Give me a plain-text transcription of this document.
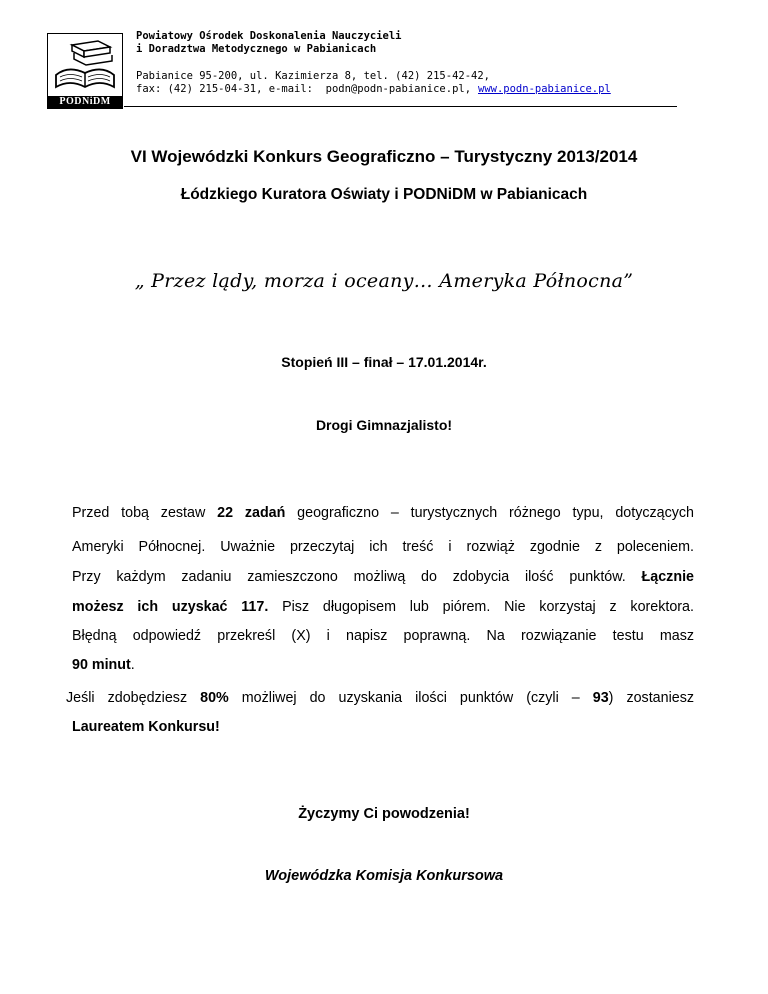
PODNiDM
Powiatowy Ośrodek Doskonalenia Nauczycieli
i Doradztwa Metodycznego w Pabianicach
Pabianice 95-200, ul. Kazimierza 8, tel. (42) 215-42-42,
fax: (42) 215-04-31, e-mail:  podn@podn-pabianice.pl, www.podn-pabianice.pl
VI Wojewódzki Konkurs Geograficzno – Turystyczny 2013/2014
Łódzkiego Kuratora Oświaty i PODNiDM w Pabianicach
„ Przez lądy, morza i oceany… Ameryka Północna”
Stopień III – finał – 17.01.2014r.
Drogi Gimnazjalisto!
Przed tobą zestaw 22 zadań geograficzno – turystycznych różnego typu, dotyczących
Ameryki Północnej. Uważnie przeczytaj ich treść i rozwiąż zgodnie z poleceniem.
Przy każdym zadaniu zamieszczono możliwą do zdobycia ilość punktów. Łącznie
możesz ich uzyskać 117. Pisz długopisem lub piórem. Nie korzystaj z korektora.
Błędną odpowiedź przekreśl (X) i napisz poprawną. Na rozwiązanie testu masz
90 minut.
Jeśli zdobędziesz 80% możliwej do uzyskania ilości punktów (czyli – 93) zostaniesz
Laureatem Konkursu!
Życzymy Ci powodzenia!
Wojewódzka Komisja Konkursowa
